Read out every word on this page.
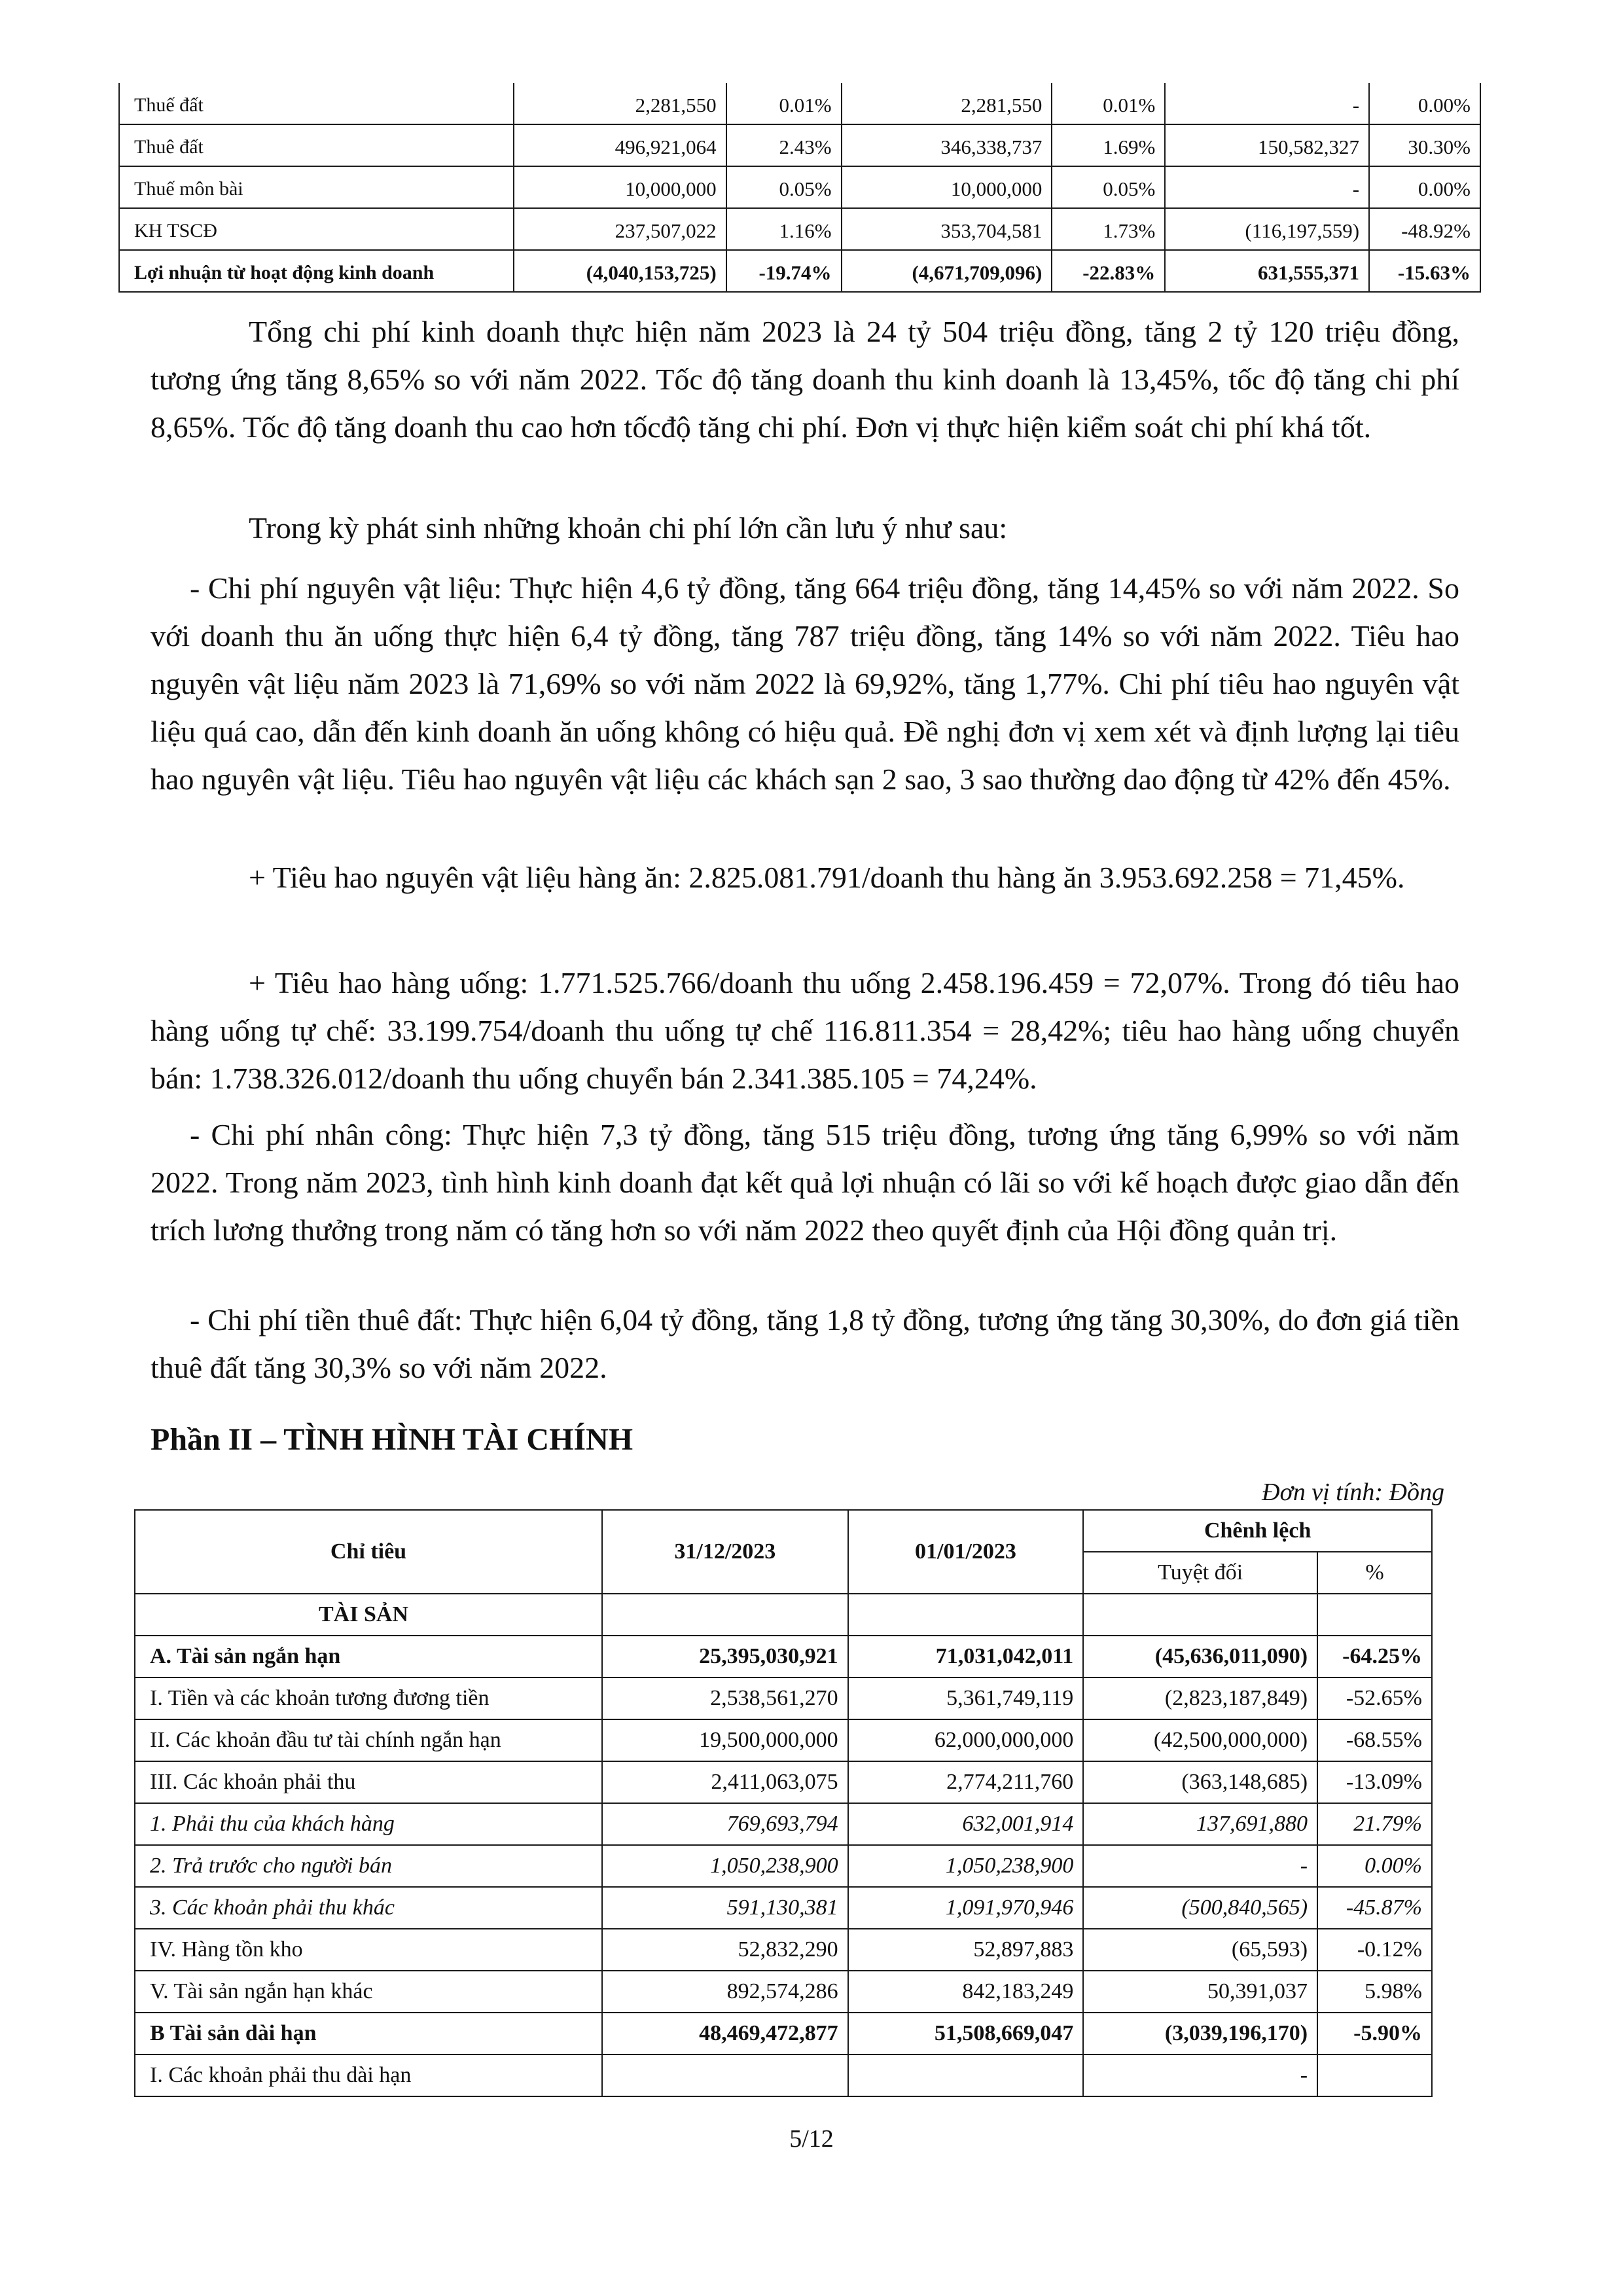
Thuế đất	2,281,550	0.01%	2,281,550	0.01%	-	0.00%
Thuê đất	496,921,064	2.43%	346,338,737	1.69%	150,582,327	30.30%
Thuế môn bài	10,000,000	0.05%	10,000,000	0.05%	-	0.00%
KH TSCĐ	237,507,022	1.16%	353,704,581	1.73%	(116,197,559)	-48.92%
Lợi nhuận từ hoạt động kinh doanh	(4,040,153,725)	-19.74%	(4,671,709,096)	-22.83%	631,555,371	-15.63%

Tổng chi phí kinh doanh thực hiện năm 2023 là 24 tỷ 504 triệu đồng, tăng 2 tỷ 120 triệu đồng, tương ứng tăng 8,65% so với năm 2022. Tốc độ tăng doanh thu kinh doanh là 13,45%, tốc độ tăng chi phí 8,65%. Tốc độ tăng doanh thu cao hơn tốcđộ tăng chi phí. Đơn vị thực hiện kiểm soát chi phí khá tốt.

Trong kỳ phát sinh những khoản chi phí lớn cần lưu ý như sau:

- Chi phí nguyên vật liệu: Thực hiện 4,6 tỷ đồng, tăng 664 triệu đồng, tăng 14,45% so với năm 2022. So với doanh thu ăn uống thực hiện 6,4 tỷ đồng, tăng 787 triệu đồng, tăng 14% so với năm 2022. Tiêu hao nguyên vật liệu năm 2023 là 71,69% so với năm 2022 là 69,92%, tăng 1,77%. Chi phí tiêu hao nguyên vật liệu quá cao, dẫn đến kinh doanh ăn uống không có hiệu quả. Đề nghị đơn vị xem xét và định lượng lại tiêu hao nguyên vật liệu. Tiêu hao nguyên vật liệu các khách sạn 2 sao, 3 sao thường dao động từ 42% đến 45%.

+ Tiêu hao nguyên vật liệu hàng ăn: 2.825.081.791/doanh thu hàng ăn 3.953.692.258 = 71,45%.

+ Tiêu hao hàng uống: 1.771.525.766/doanh thu uống 2.458.196.459 = 72,07%. Trong đó tiêu hao hàng uống tự chế: 33.199.754/doanh thu uống tự chế 116.811.354 = 28,42%; tiêu hao hàng uống chuyển bán: 1.738.326.012/doanh thu uống chuyển bán 2.341.385.105 = 74,24%.

- Chi phí nhân công: Thực hiện 7,3 tỷ đồng, tăng 515 triệu đồng, tương ứng tăng 6,99% so với năm 2022. Trong năm 2023, tình hình kinh doanh đạt kết quả lợi nhuận có lãi so với kế hoạch được giao dẫn đến trích lương thưởng trong năm có tăng hơn so với năm 2022 theo quyết định của Hội đồng quản trị.

- Chi phí tiền thuê đất: Thực hiện 6,04 tỷ đồng, tăng 1,8 tỷ đồng, tương ứng tăng 30,30%, do đơn giá tiền thuê đất tăng 30,3% so với năm 2022.

Phần II – TÌNH HÌNH TÀI CHÍNH
Đơn vị tính: Đồng
Chỉ tiêu	31/12/2023	01/01/2023	Chênh lệch	
			Tuyệt đối	%
TÀI SẢN				
A. Tài sản ngắn hạn	25,395,030,921	71,031,042,011	(45,636,011,090)	-64.25%
I. Tiền và các khoản tương đương tiền	2,538,561,270	5,361,749,119	(2,823,187,849)	-52.65%
II. Các khoản đầu tư tài chính ngắn hạn	19,500,000,000	62,000,000,000	(42,500,000,000)	-68.55%
III. Các khoản phải thu	2,411,063,075	2,774,211,760	(363,148,685)	-13.09%
1. Phải thu của khách hàng	769,693,794	632,001,914	137,691,880	21.79%
2. Trả trước cho người bán	1,050,238,900	1,050,238,900	-	0.00%
3. Các khoản phải thu khác	591,130,381	1,091,970,946	(500,840,565)	-45.87%
IV. Hàng tồn kho	52,832,290	52,897,883	(65,593)	-0.12%
V. Tài sản ngắn hạn khác	892,574,286	842,183,249	50,391,037	5.98%
B Tài sản dài hạn	48,469,472,877	51,508,669,047	(3,039,196,170)	-5.90%
I. Các khoản phải thu dài hạn			-	
5/12
